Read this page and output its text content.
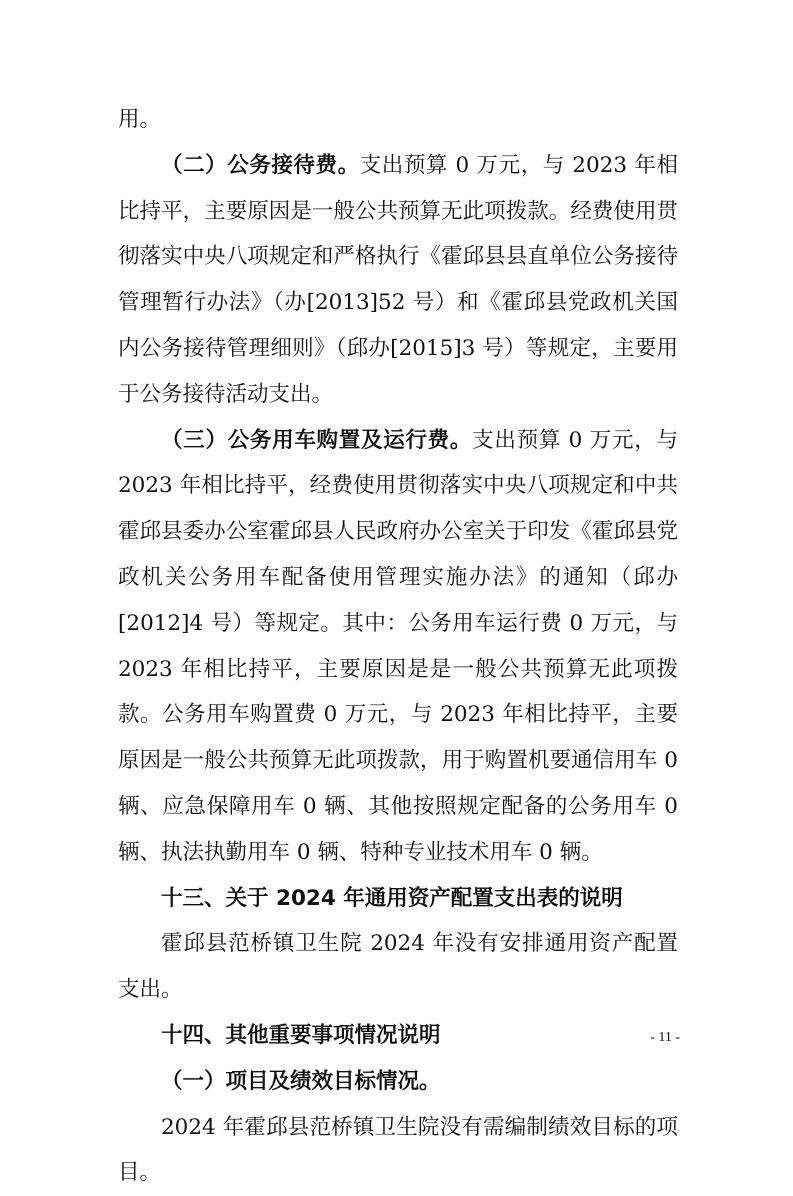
用。

（二）公务接待费。支出预算 0 万元，与 2023 年相比持平，主要原因是一般公共预算无此项拨款。经费使用贯彻落实中央八项规定和严格执行《霍邱县县直单位公务接待管理暂行办法》（办[2013]52 号）和《霍邱县党政机关国内公务接待管理细则》（邱办[2015]3 号）等规定，主要用于公务接待活动支出。

（三）公务用车购置及运行费。支出预算 0 万元，与 2023 年相比持平，经费使用贯彻落实中央八项规定和中共霍邱县委办公室霍邱县人民政府办公室关于印发《霍邱县党政机关公务用车配备使用管理实施办法》的通知（邱办[2012]4 号）等规定。其中：公务用车运行费 0 万元，与 2023 年相比持平，主要原因是是一般公共预算无此项拨款。公务用车购置费 0 万元，与 2023 年相比持平，主要原因是一般公共预算无此项拨款，用于购置机要通信用车 0 辆、应急保障用车 0 辆、其他按照规定配备的公务用车 0 辆、执法执勤用车 0 辆、特种专业技术用车 0 辆。

十三、关于 2024 年通用资产配置支出表的说明

霍邱县范桥镇卫生院 2024 年没有安排通用资产配置支出。

十四、其他重要事项情况说明

（一）项目及绩效目标情况。

2024 年霍邱县范桥镇卫生院没有需编制绩效目标的项目。

- 11 -
